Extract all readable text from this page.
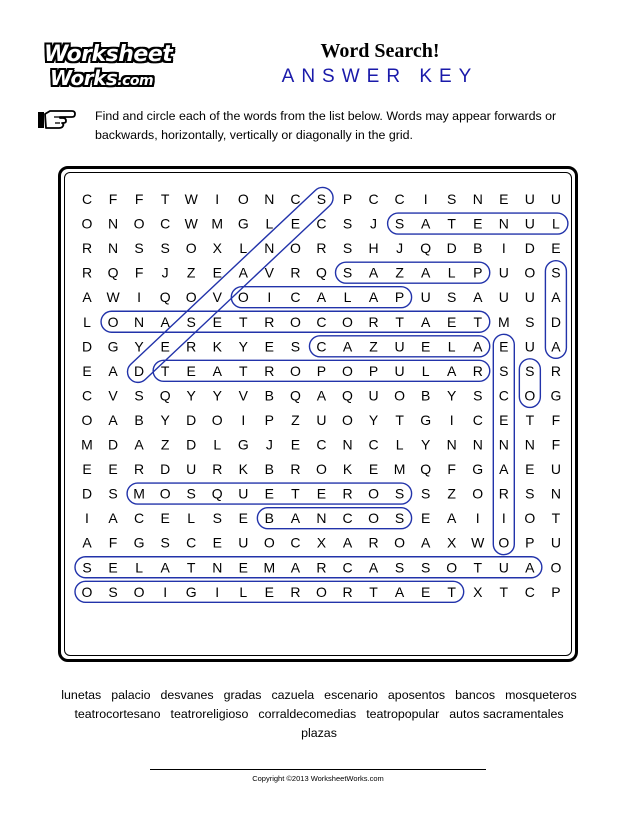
Worksheet
Works.com
Word Search!
ANSWER KEY
Find and circle each of the words from the list below. Words may appear forwards or backwards, horizontally, vertically or diagonally in the grid.
C F F T W I O N C S P C C I S N E U U
O N O C W M G L E C S J S A T E N U L
R N S S O X L N O R S H J Q D B I D E
R Q F J Z E A V R Q S A Z A L P U O S
A W I Q O V O I C A L A P U S A U U A
L O N A S E T R O C O R T A E T M S D
D G Y E R K Y E S C A Z U E L A E U A
E A D T E A T R O P O P U L A R S S R
C V S Q Y Y V B Q A Q U O B Y S C O G
O A B Y D O I P Z U O Y T G I C E T F
M D A Z D L G J E C N C L Y N N N N F
E E R D U R K B R O K E M Q F G A E U
D S M O S Q U E T E R O S S Z O R S N
I A C E L S E B A N C O S E A I I O T
A F G S C E U O C X A R O A X W O P U
S E L A T N E M A R C A S S O T U A O
O S O I G I L E R O R T A E T X T C P
lunetas palacio desvanes gradas cazuela escenario aposentos bancos mosqueteros
teatrocortesano teatroreligioso corraldecomedias teatropopular autos sacramentales
plazas
Copyright ©2013 WorksheetWorks.com
